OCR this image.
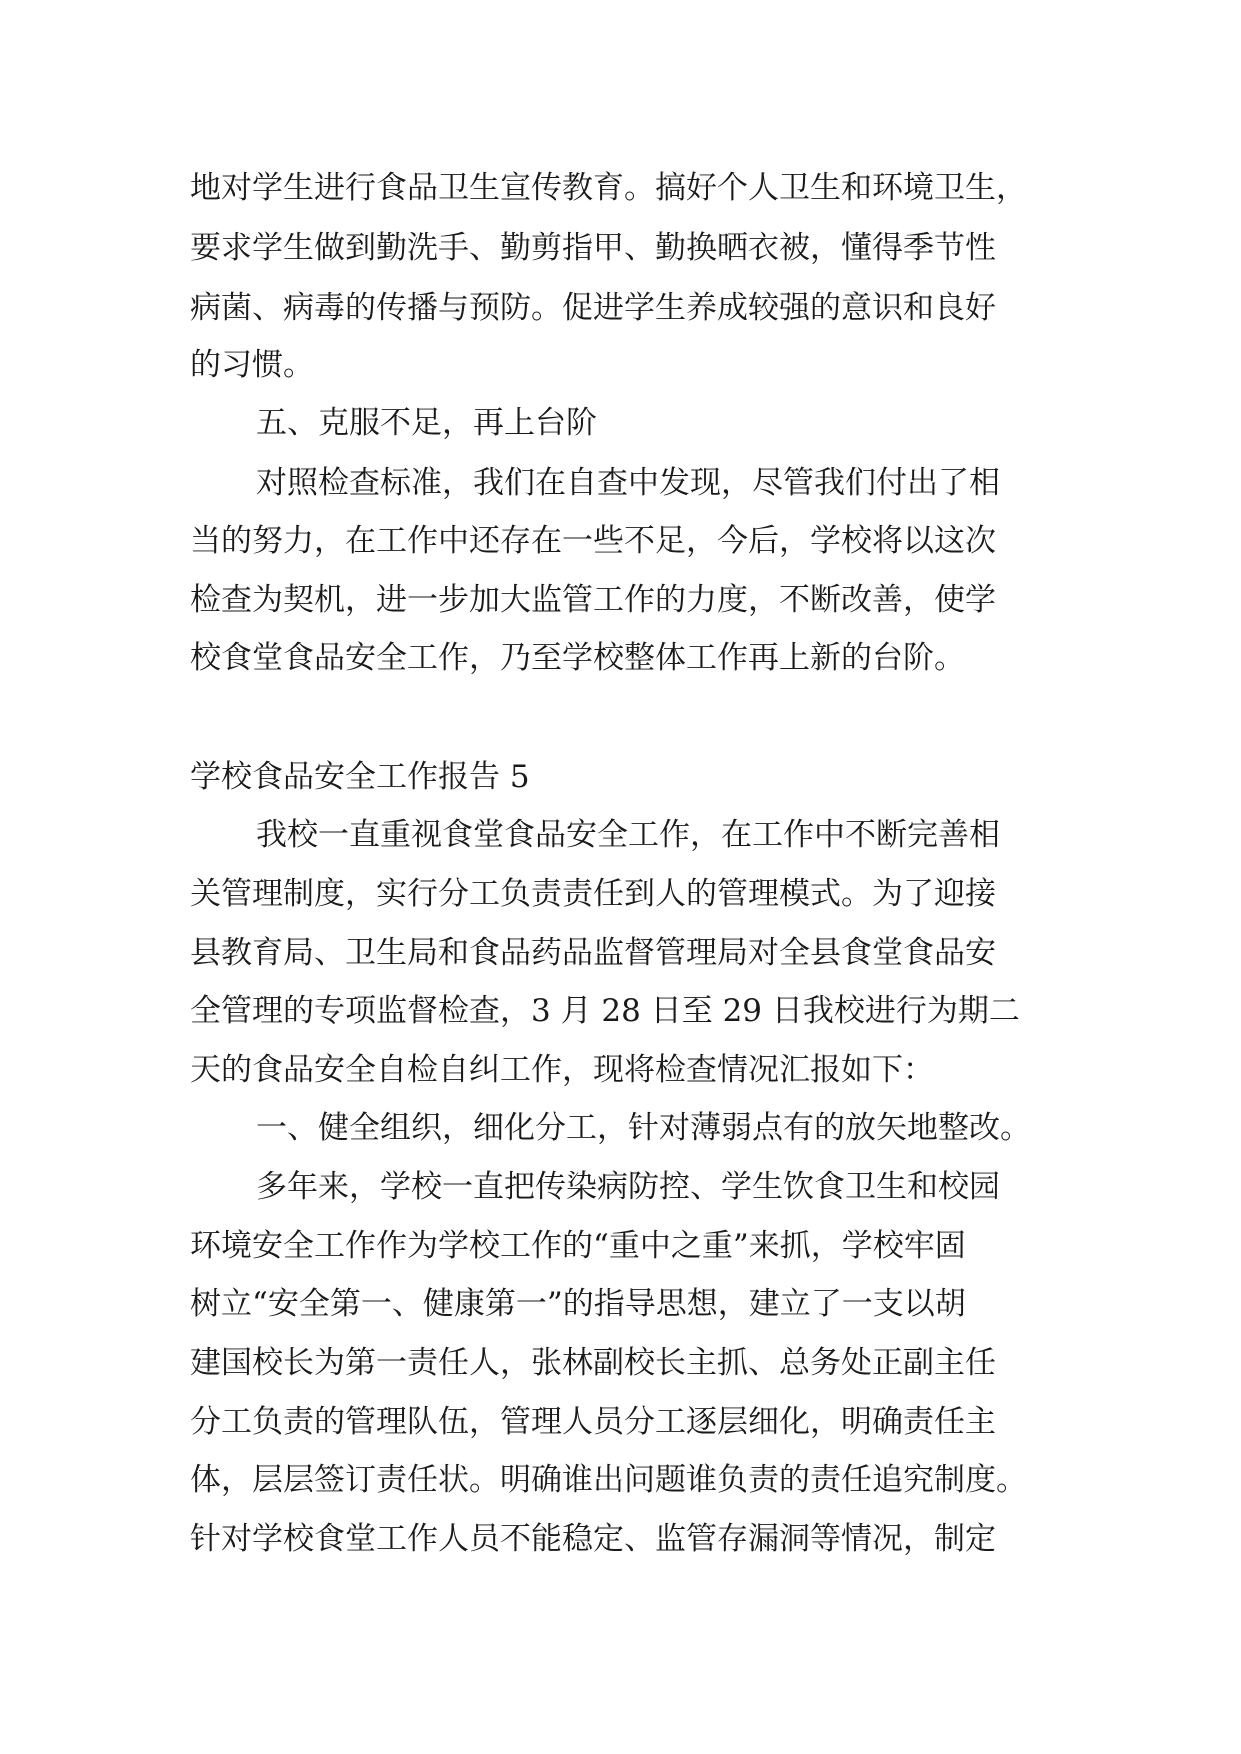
地对学生进行食品卫生宣传教育。搞好个人卫生和环境卫生，
要求学生做到勤洗手、勤剪指甲、勤换晒衣被，懂得季节性
病菌、病毒的传播与预防。促进学生养成较强的意识和良好
的习惯。
五、克服不足，再上台阶
对照检查标准，我们在自查中发现，尽管我们付出了相
当的努力，在工作中还存在一些不足，今后，学校将以这次
检查为契机，进一步加大监管工作的力度，不断改善，使学
校食堂食品安全工作，乃至学校整体工作再上新的台阶。
学校食品安全工作报告 5
我校一直重视食堂食品安全工作，在工作中不断完善相
关管理制度，实行分工负责责任到人的管理模式。为了迎接
县教育局、卫生局和食品药品监督管理局对全县食堂食品安
全管理的专项监督检查，3 月 28 日至 29 日我校进行为期二
天的食品安全自检自纠工作，现将检查情况汇报如下：
一、健全组织，细化分工，针对薄弱点有的放矢地整改。
多年来，学校一直把传染病防控、学生饮食卫生和校园
环境安全工作作为学校工作的“重中之重”来抓，学校牢固
树立“安全第一、健康第一”的指导思想，建立了一支以胡
建国校长为第一责任人，张林副校长主抓、总务处正副主任
分工负责的管理队伍，管理人员分工逐层细化，明确责任主
体，层层签订责任状。明确谁出问题谁负责的责任追究制度。
针对学校食堂工作人员不能稳定、监管存漏洞等情况，制定
